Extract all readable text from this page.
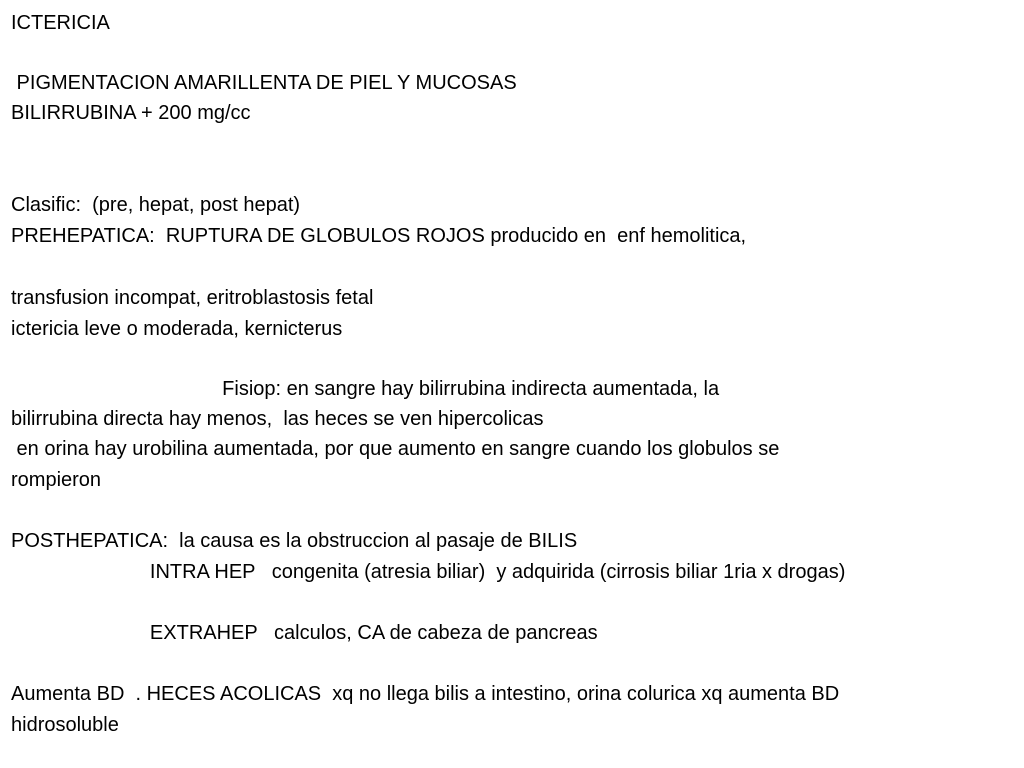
ICTERICIA

PIGMENTACION AMARILLENTA DE PIEL Y MUCOSAS

BILIRRUBINA + 200 mg/cc

Clasific:  (pre, hepat, post hepat)

PREHEPATICA:  RUPTURA DE GLOBULOS ROJOS producido en  enf hemolitica,

transfusion incompat, eritroblastosis fetal

ictericia leve o moderada, kernicterus

Fisiop: en sangre hay bilirrubina indirecta aumentada, la

bilirrubina directa hay menos,  las heces se ven hipercolicas

en orina hay urobilina aumentada, por que aumento en sangre cuando los globulos se

rompieron

POSTHEPATICA:  la causa es la obstruccion al pasaje de BILIS

INTRA HEP   congenita (atresia biliar)  y adquirida (cirrosis biliar 1ria x drogas)

EXTRAHEP   calculos, CA de cabeza de pancreas

Aumenta BD  . HECES ACOLICAS  xq no llega bilis a intestino, orina colurica xq aumenta BD

hidrosoluble
